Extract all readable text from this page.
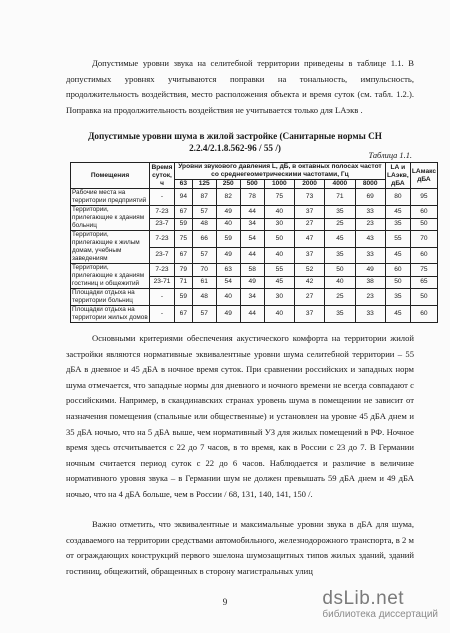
Допустимые уровни звука на селитебной территории приведены в таблице 1.1. В допустимых уровнях учитываются поправки на тональность, импульсность, продолжительность воздействия, место расположения объекта и время суток (см. табл. 1.2.). Поправка на продолжительность воздействия не учитывается только для LАэкв .

Допустимые уровни шума в жилой застройке (Санитарные нормы СН 2.2.4/2.1.8.562-96 / 55 /)
Таблица 1.1.
Помещения	Время суток, ч	Уровни звукового давления L, дБ, в октавных полосах частот со среднегеометрическими частотами, Гц								LА и LАэкв, дБА	LАмакс дБА
		63	125	250	500	1000	2000	4000	8000		
Рабочие места на территории предприятий	-	94	87	82	78	75	73	71	69	80	95
Территории, прилегающие к зданиям больниц	7-23	67	57	49	44	40	37	35	33	45	60
	23-7	59	48	40	34	30	27	25	23	35	50
Территории, прилегающие к жилым домам, учебным заведениям	7-23	75	66	59	54	50	47	45	43	55	70
	23-7	67	57	49	44	40	37	35	33	45	60
Территории, прилегающие к зданиям гостиниц и общежитий	7-23	79	70	63	58	55	52	50	49	60	75
	23-71	71	61	54	49	45	42	40	38	50	65
Площадки отдыха на территории больниц	-	59	48	40	34	30	27	25	23	35	50
Площадки отдыха на территории жилых домов	-	67	57	49	44	40	37	35	33	45	60

Основными критериями обеспечения акустического комфорта на территории жилой застройки являются нормативные эквивалентные уровни шума селитебной территории – 55 дБА в дневное и 45 дБА в ночное время суток. При сравнении российских и западных норм шума отмечается, что западные нормы для дневного и ночного времени не всегда совпадают с российскими. Например, в скандинавских странах уровень шума в помещении не зависит от назначения помещения (спальные или общественные) и установлен на уровне 45 дБА днем и 35 дБА ночью, что на 5 дБА выше, чем нормативный УЗ для жилых помещений в РФ. Ночное время здесь отсчитывается с 22 до 7 часов, в то время, как в России с 23 до 7. В Германии ночным считается период суток с 22 до 6 часов. Наблюдается и различие в величине нормативного уровня звука – в Германии шум не должен превышать 59 дБА днем и 49 дБА ночью, что на 4 дБА больше, чем в России / 68, 131, 140, 141, 150 /.

Важно отметить, что эквивалентные и максимальные уровни звука в дБА для шума, создаваемого на территории средствами автомобильного, железнодорожного транспорта, в 2 м от ограждающих конструкций первого эшелона шумозащитных типов жилых зданий, зданий гостиниц, общежитий, обращенных в сторону магистральных улиц

9	dsLib.net
библиотека диссертаций
